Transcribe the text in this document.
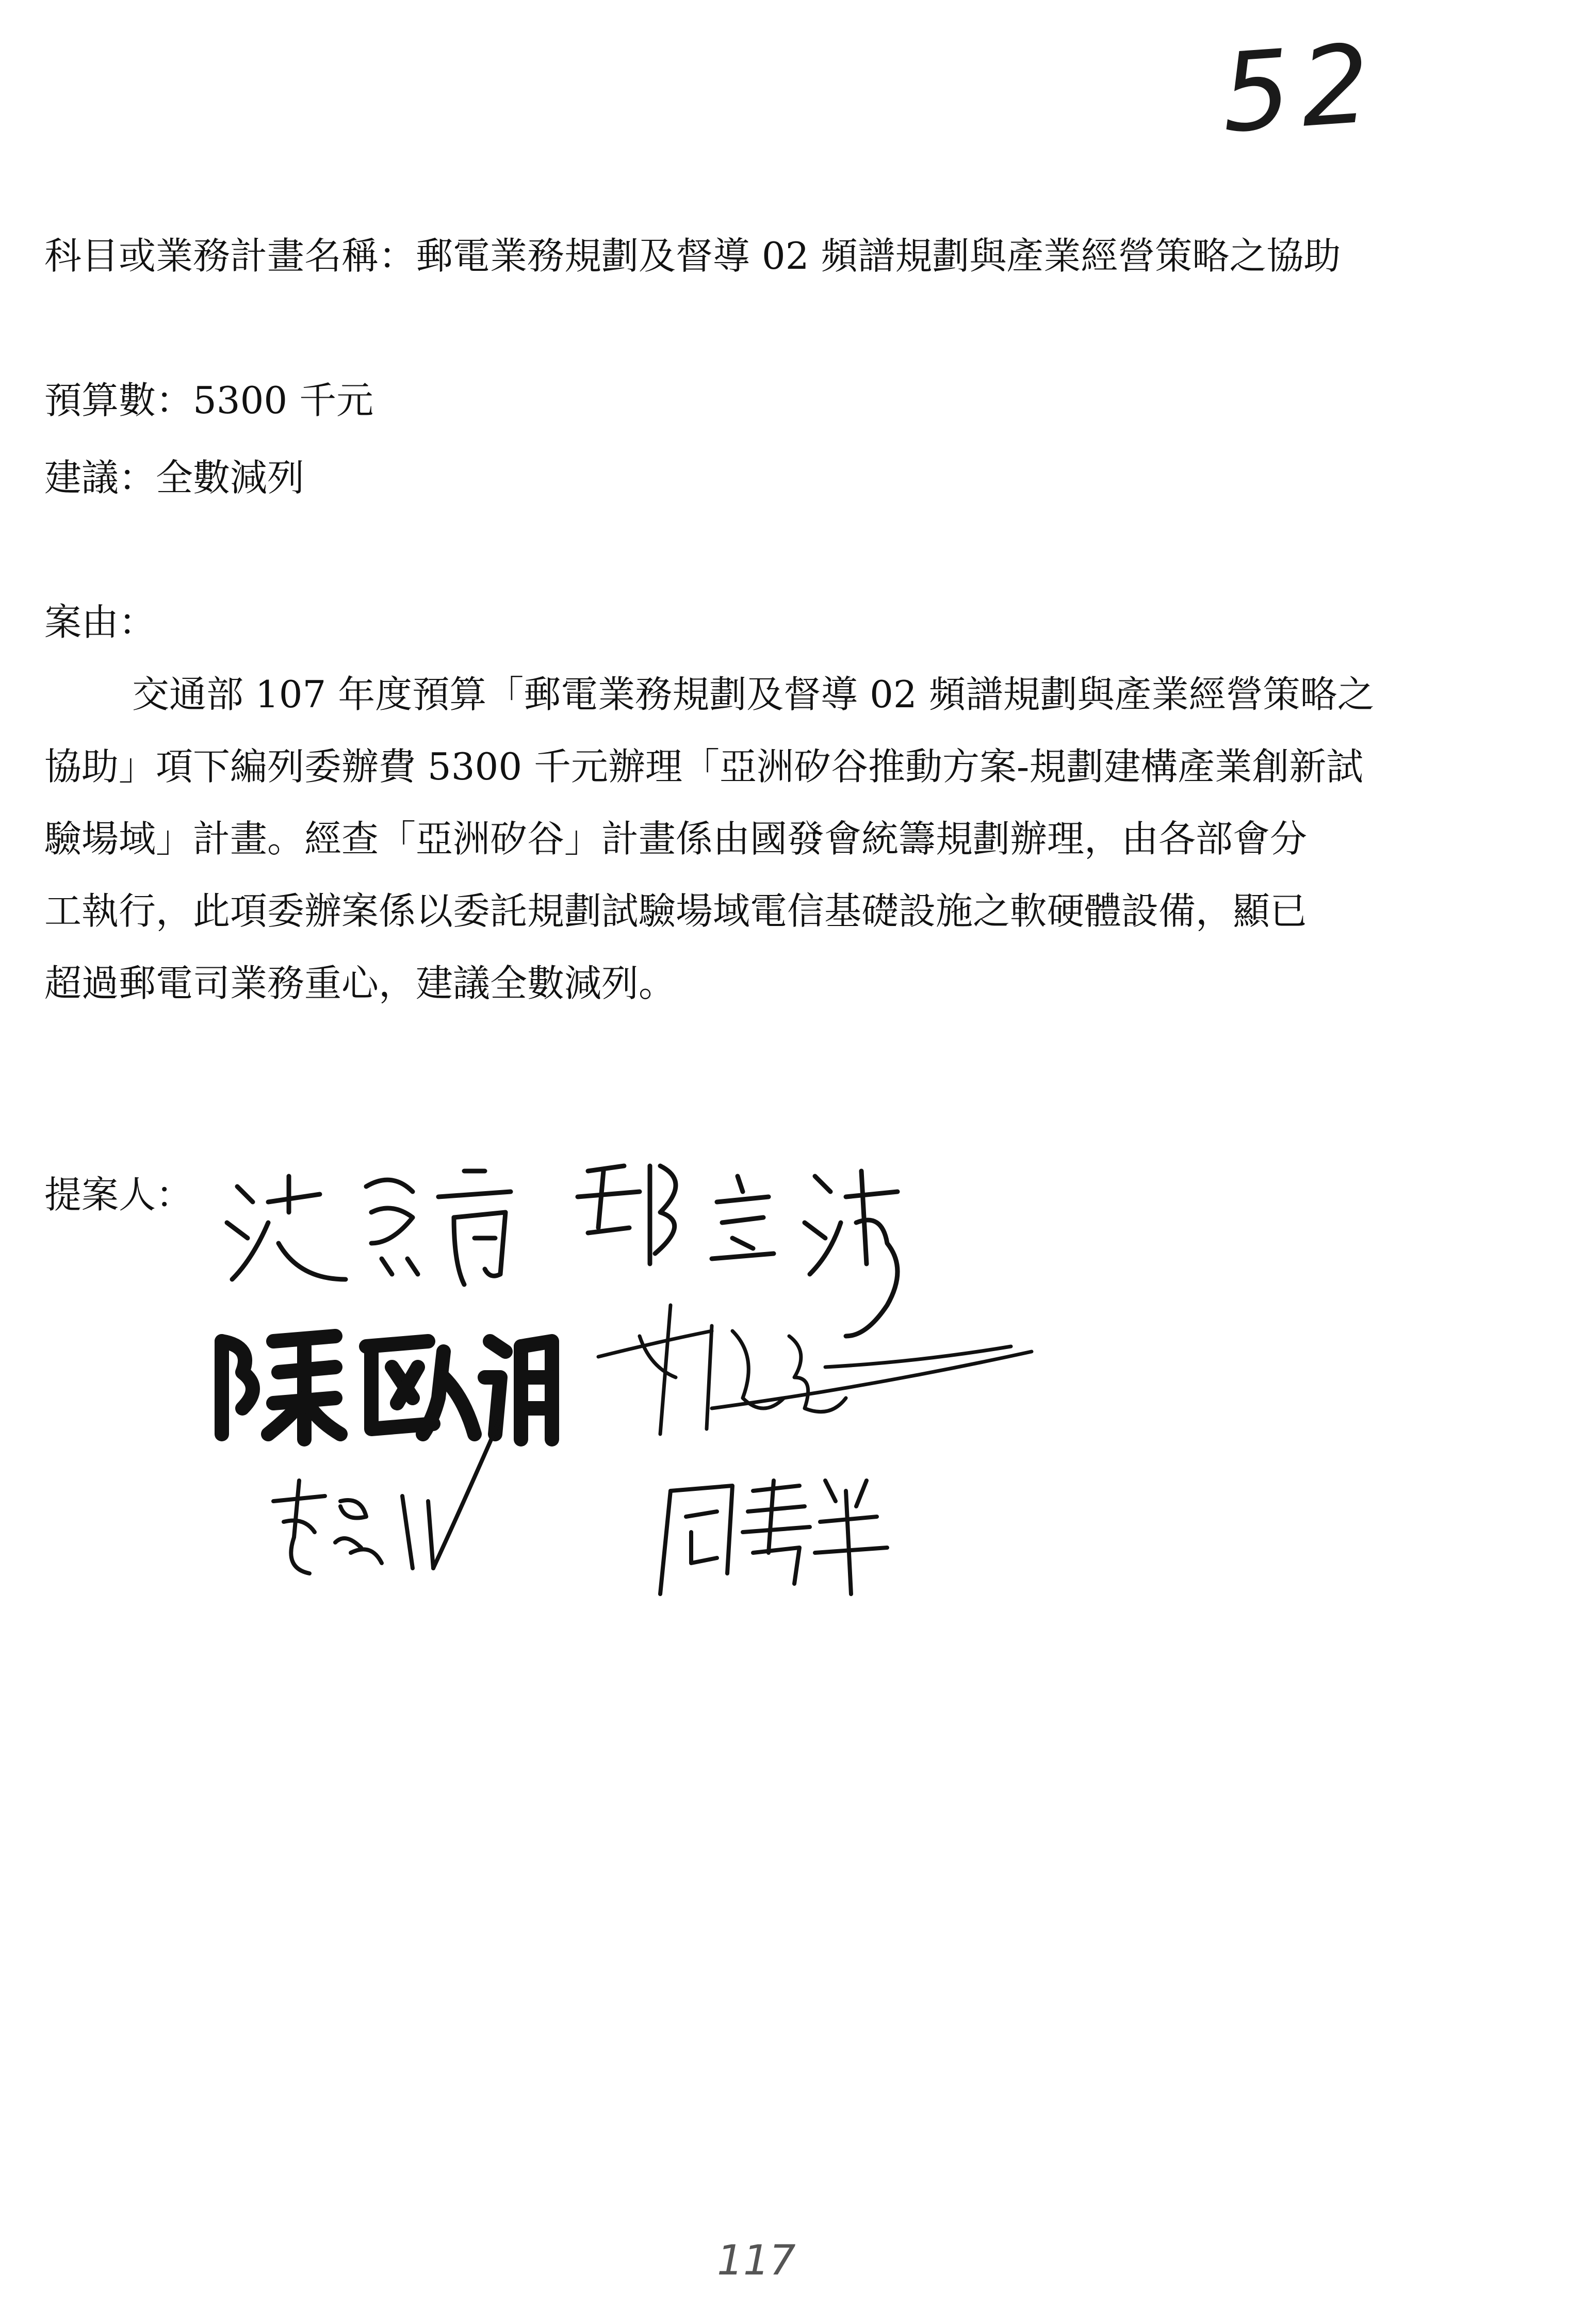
52
科目或業務計畫名稱：郵電業務規劃及督導 02 頻譜規劃與產業經營策略之協助
預算數：5300 千元
建議：全數減列
案由：
交通部 107 年度預算「郵電業務規劃及督導 02 頻譜規劃與產業經營策略之
協助」項下編列委辦費 5300 千元辦理「亞洲矽谷推動方案-規劃建構產業創新試
驗場域」計畫。經查「亞洲矽谷」計畫係由國發會統籌規劃辦理，由各部會分
工執行，此項委辦案係以委託規劃試驗場域電信基礎設施之軟硬體設備，顯已
超過郵電司業務重心，建議全數減列。
提案人：
117
